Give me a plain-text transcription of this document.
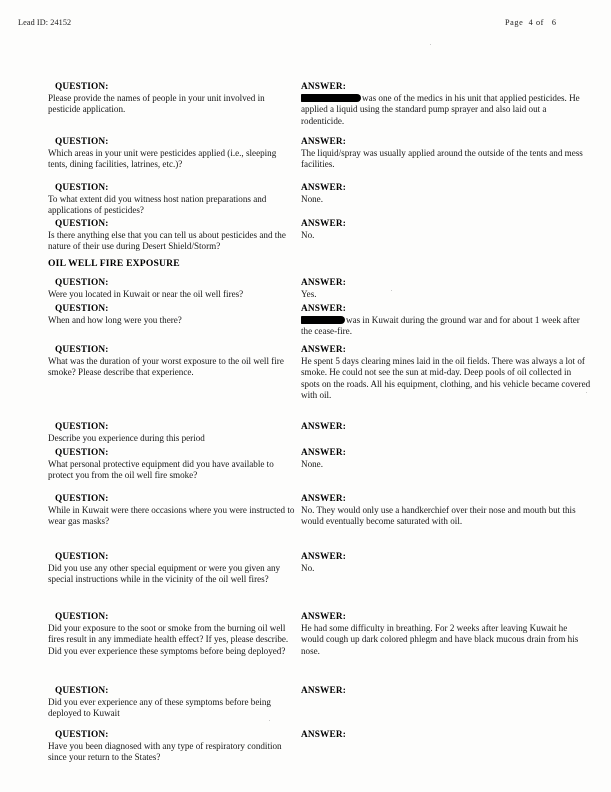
Lead ID: 24152	Page  4 of   6
QUESTION:
Please provide the names of people in your unit involved in pesticide application.
QUESTION:
Which areas in your unit were pesticides applied (i.e., sleeping tents, dining facilities, latrines, etc.)?
QUESTION:
To what extent did you witness host nation preparations and applications of pesticides?
QUESTION:
Is there anything else that you can tell us about pesticides and the nature of their use during Desert Shield/Storm?
QUESTION:
Were you located in Kuwait or near the oil well fires?
QUESTION:
When and how long were you there?
QUESTION:
What was the duration of your worst exposure to the oil well fire smoke? Please describe that experience.
QUESTION:
Describe you experience during this period
QUESTION:
What personal protective equipment did you have available to protect you from the oil well fire smoke?
QUESTION:
While in Kuwait were there occasions where you were instructed to wear gas masks?
QUESTION:
Did you use any other special equipment or were you given any special instructions while in the vicinity of the oil well fires?
QUESTION:
Did your exposure to the soot or smoke from the burning oil well fires result in any immediate health effect? If yes, please describe. Did you ever experience these symptoms before being deployed?
QUESTION:
Did you ever experience any of these symptoms before being deployed to Kuwait
QUESTION:
Have you been diagnosed with any type of respiratory condition since your return to the States?
OIL WELL FIRE EXPOSURE
ANSWER:
was one of the medics in his unit that applied pesticides. He applied a liquid using the standard pump sprayer and also laid out a rodenticide.
ANSWER:
The liquid/spray was usually applied around the outside of the tents and mess facilities.
ANSWER:
None.
ANSWER:
No.
ANSWER:
Yes.
ANSWER:
was in Kuwait during the ground war and for about 1 week after the cease-fire.
ANSWER:
He spent 5 days clearing mines laid in the oil fields. There was always a lot of smoke. He could not see the sun at mid-day. Deep pools of oil collected in spots on the roads. All his equipment, clothing, and his vehicle became covered with oil.
ANSWER:
ANSWER:
None.
ANSWER:
No. They would only use a handkerchief over their nose and mouth but this would eventually become saturated with oil.
ANSWER:
No.
ANSWER:
He had some difficulty in breathing. For 2 weeks after leaving Kuwait he would cough up dark colored phlegm and have black mucous drain from his nose.
ANSWER:
ANSWER:
